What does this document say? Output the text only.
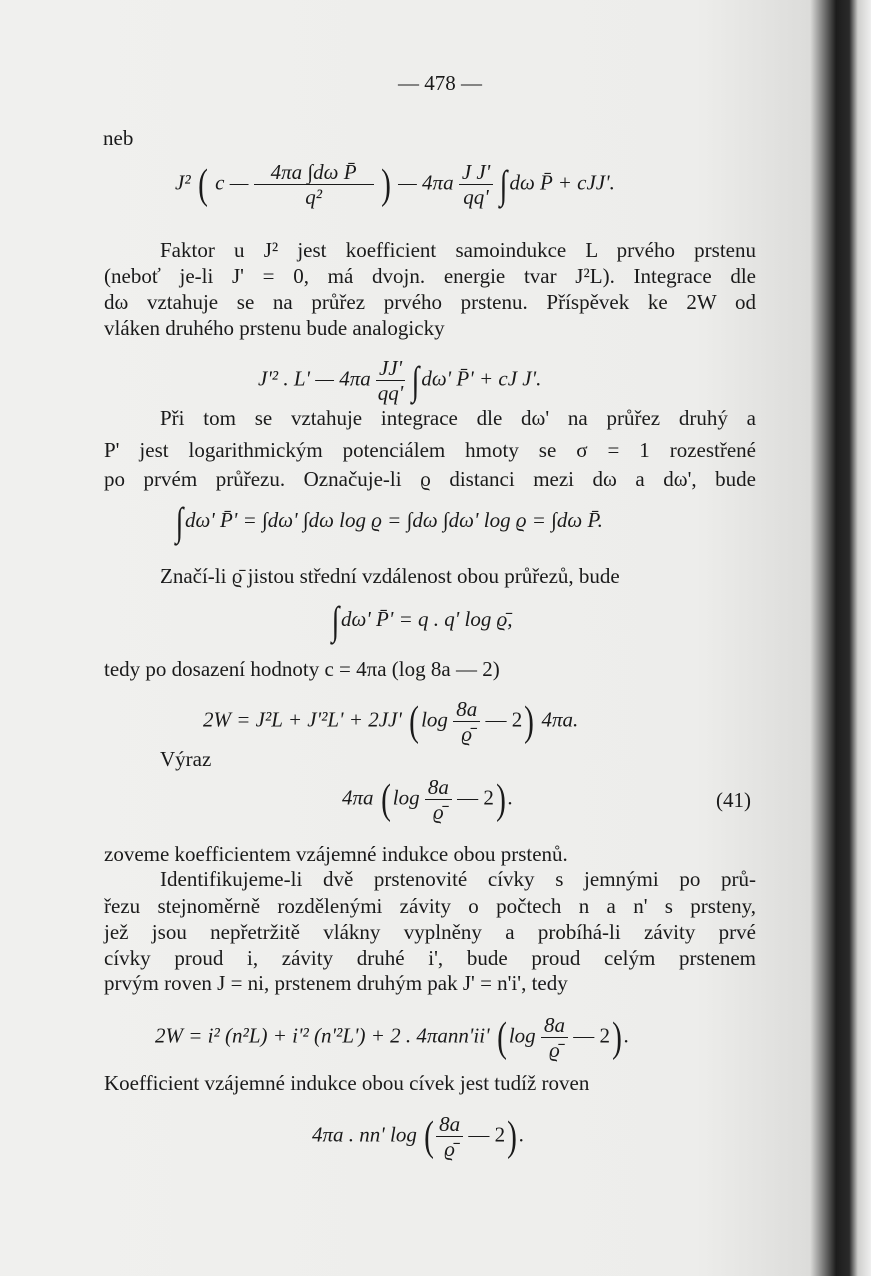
— 478 —
neb
J² ( c — $\frac{\text{4πa ∫dω P̄}}{\text{q²}}$ ) — $4\pi a \frac{\text{J J'}}{qq'} \int d\omega$ P̄ + cJJ'.
Faktor u J² jest koefficient samoindukce L prvého prstenu
(neboť je-li J' = 0, má dvojn. energie tvar J²L). Integrace dle
dω vztahuje se na průřez prvého prstenu. Příspěvek ke 2W od
vláken druhého prstenu bude analogicky
J'² . L' — $4\pi a \frac{JJ'}{qq'} \int d\omega'$ P̄' + cJ J'.
Při tom se vztahuje integrace dle dω' na průřez druhý a
P' jest logarithmickým potenciálem hmoty se σ = 1 rozestřené
po prvém průřezu. Označuje-li ϱ distanci mezi dω a dω', bude
∫dω' P̄' = ∫dω' ∫dω log ϱ = ∫dω ∫dω' log ϱ = ∫dω P̄.
Značí-li ϱ̄ jistou střední vzdálenost obou průřezů, bude
∫dω' P̄' = q . q' log ϱ̄,
tedy po dosazení hodnoty c = 4πa (log 8a — 2)
2W = J²L + J'²L' + 2JJ' ($\log \frac{8a}{ϱ̄}$ — 2) 4πa.
Výraz
4πa ( $\log \frac{8a}{ϱ̄}$ — 2).	(41)
zoveme koefficientem vzájemné indukce obou prstenů.
Identifikujeme-li dvě prstenovité cívky s jemnými po prů-
řezu stejnoměrně rozdělenými závity o počtech n a n' s prsteny,
jež jsou nepřetržitě vlákny vyplněny a probíhá-li závity prvé
cívky proud i, závity druhé i', bude proud celým prstenem
prvým roven J = ni, prstenem druhým pak J' = n'i', tedy
2W = i² (n²L) + i'² (n'²L') + 2 . 4πann'ii' ( $\log \frac{8a}{ϱ̄}$ — 2).
Koefficient vzájemné indukce obou cívek jest tudíž roven
4πa . nn' log ( $\frac{8a}{ϱ̄}$ — 2).
